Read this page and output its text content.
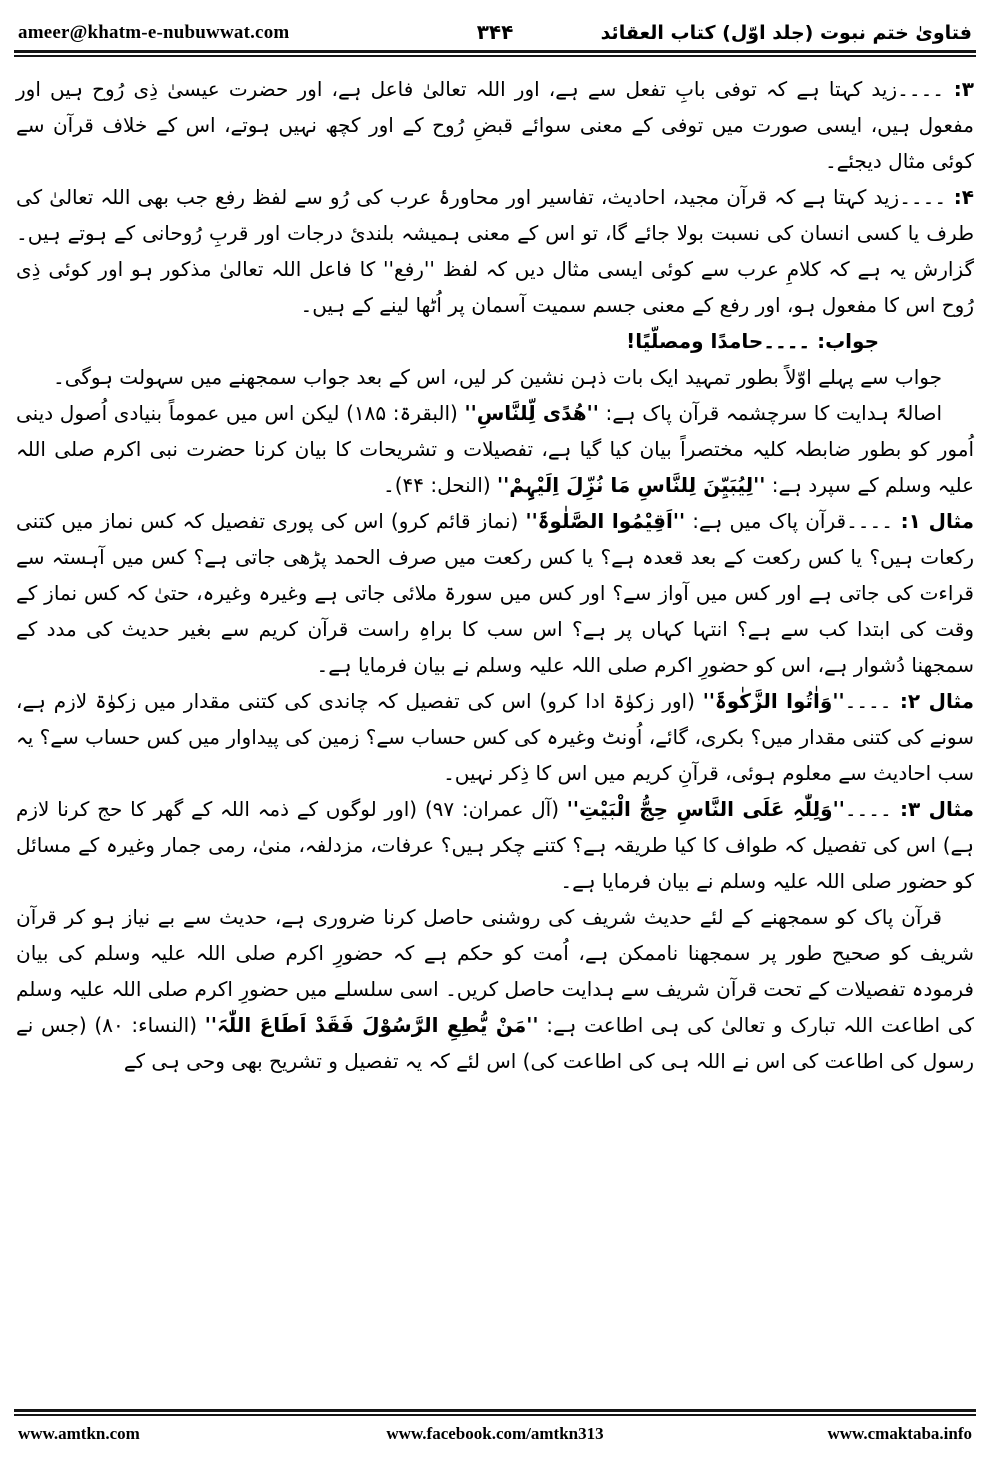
ameer@khatm-e-nubuwwat.com	۳۴۴	فتاویٰ ختم نبوت (جلد اوّل) کتاب العقائد

۳: ۔۔۔۔زید کہتا ہے کہ توفی بابِ تفعل سے ہے، اور اللہ تعالیٰ فاعل ہے، اور حضرت عیسیٰ ذِی رُوح ہیں اور مفعول ہیں، ایسی صورت میں توفی کے معنی سوائے قبضِ رُوح کے اور کچھ نہیں ہوتے، اس کے خلاف قرآن سے کوئی مثال دیجئے۔

۴: ۔۔۔۔زید کہتا ہے کہ قرآن مجید، احادیث، تفاسیر اور محاورۂ عرب کی رُو سے لفظ رفع جب بھی اللہ تعالیٰ کی طرف یا کسی انسان کی نسبت بولا جائے گا، تو اس کے معنی ہمیشہ بلندیٔ درجات اور قربِ رُوحانی کے ہوتے ہیں۔ گزارش یہ ہے کہ کلامِ عرب سے کوئی ایسی مثال دیں کہ لفظ ''رفع'' کا فاعل اللہ تعالیٰ مذکور ہو اور کوئی ذِی رُوح اس کا مفعول ہو، اور رفع کے معنی جسم سمیت آسمان پر اُٹھا لینے کے ہیں۔

جواب: ۔۔۔۔حامدًا ومصلّیًا!

جواب سے پہلے اوّلاً بطور تمہید ایک بات ذہن نشین کر لیں، اس کے بعد جواب سمجھنے میں سہولت ہوگی۔

اصالۃً ہدایت کا سرچشمہ قرآن پاک ہے: ''ھُدًی لِّلنَّاسِ'' (البقرۃ: ۱۸۵) لیکن اس میں عموماً بنیادی اُصول دینی اُمور کو بطور ضابطہ کلیہ مختصراً بیان کیا گیا ہے، تفصیلات و تشریحات کا بیان کرنا حضرت نبی اکرم صلی اللہ علیہ وسلم کے سپرد ہے: ''لِیُبَیِّنَ لِلنَّاسِ مَا نُزِّلَ اِلَیْہِمْ'' (النحل: ۴۴)۔

مثال ۱: ۔۔۔۔قرآن پاک میں ہے: ''اَقِیْمُوا الصَّلٰوۃَ'' (نماز قائم کرو) اس کی پوری تفصیل کہ کس نماز میں کتنی رکعات ہیں؟ یا کس رکعت کے بعد قعدہ ہے؟ یا کس رکعت میں صرف الحمد پڑھی جاتی ہے؟ کس میں آہستہ سے قراءت کی جاتی ہے اور کس میں آواز سے؟ اور کس میں سورۃ ملائی جاتی ہے وغیرہ وغیرہ، حتیٰ کہ کس نماز کے وقت کی ابتدا کب سے ہے؟ انتہا کہاں پر ہے؟ اس سب کا براہِ راست قرآن کریم سے بغیر حدیث کی مدد کے سمجھنا دُشوار ہے، اس کو حضورِ اکرم صلی اللہ علیہ وسلم نے بیان فرمایا ہے۔

مثال ۲: ۔۔۔۔''وَاٰتُوا الزَّکٰوۃَ'' (اور زکوٰۃ ادا کرو) اس کی تفصیل کہ چاندی کی کتنی مقدار میں زکوٰۃ لازم ہے، سونے کی کتنی مقدار میں؟ بکری، گائے، اُونٹ وغیرہ کی کس حساب سے؟ زمین کی پیداوار میں کس حساب سے؟ یہ سب احادیث سے معلوم ہوئی، قرآنِ کریم میں اس کا ذِکر نہیں۔

مثال ۳: ۔۔۔۔''وَلِلّٰہِ عَلَی النَّاسِ حِجُّ الْبَیْتِ'' (آل عمران: ۹۷) (اور لوگوں کے ذمہ اللہ کے گھر کا حج کرنا لازم ہے) اس کی تفصیل کہ طواف کا کیا طریقہ ہے؟ کتنے چکر ہیں؟ عرفات، مزدلفہ، منیٰ، رمی جمار وغیرہ کے مسائل کو حضور صلی اللہ علیہ وسلم نے بیان فرمایا ہے۔

قرآن پاک کو سمجھنے کے لئے حدیث شریف کی روشنی حاصل کرنا ضروری ہے، حدیث سے بے نیاز ہو کر قرآن شریف کو صحیح طور پر سمجھنا ناممکن ہے، اُمت کو حکم ہے کہ حضورِ اکرم صلی اللہ علیہ وسلم کی بیان فرمودہ تفصیلات کے تحت قرآن شریف سے ہدایت حاصل کریں۔ اسی سلسلے میں حضورِ اکرم صلی اللہ علیہ وسلم کی اطاعت اللہ تبارک و تعالیٰ کی ہی اطاعت ہے: ''مَنْ یُّطِعِ الرَّسُوْلَ فَقَدْ اَطَاعَ اللّٰہَ'' (النساء: ۸۰) (جس نے رسول کی اطاعت کی اس نے اللہ ہی کی اطاعت کی) اس لئے کہ یہ تفصیل و تشریح بھی وحی ہی کے

www.amtkn.com	www.facebook.com/amtkn313	www.cmaktaba.info
